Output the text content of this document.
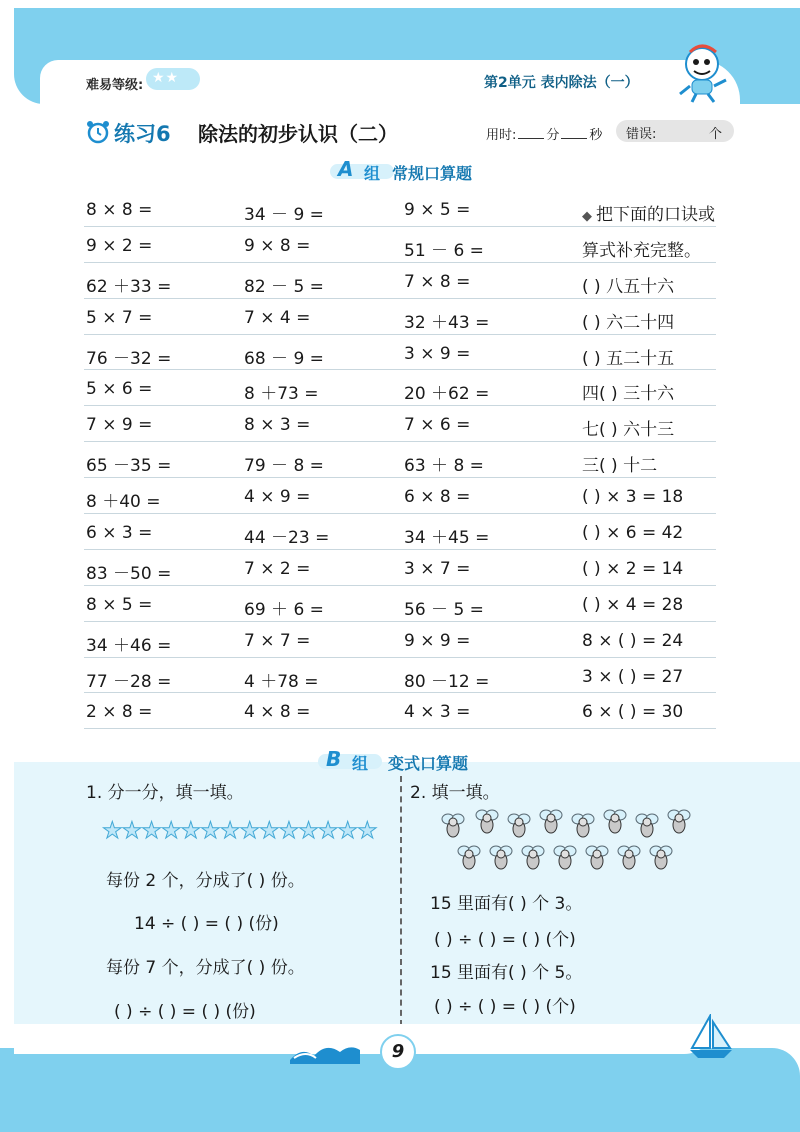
难易等级: ★★	第2单元 表内除法（一）
练习6 除法的初步认识（二）	用时: 分 秒	错误:	个
A 组 常规口算题
8 × 8 =	34 － 9 =	9 × 5 =	◆ 把下面的口诀或
9 × 2 =	9 × 8 =	51 － 6 =	算式补充完整。
62 ＋33 =	82 － 5 =	7 × 8 =	( ) 八五十六
5 × 7 =	7 × 4 =	32 ＋43 =	( ) 六二十四
76 －32 =	68 － 9 =	3 × 9 =	( ) 五二十五
5 × 6 =	8 ＋73 =	20 ＋62 =	四( ) 三十六
7 × 9 =	8 × 3 =	7 × 6 =	七( ) 六十三
65 －35 =	79 － 8 =	63 ＋ 8 =	三( ) 十二
8 ＋40 =	4 × 9 =	6 × 8 =	( ) × 3 = 18
6 × 3 =	44 －23 =	34 ＋45 =	( ) × 6 = 42
83 －50 =	7 × 2 =	3 × 7 =	( ) × 2 = 14
8 × 5 =	69 ＋ 6 =	56 － 5 =	( ) × 4 = 28
34 ＋46 =	7 × 7 =	9 × 9 =	8 × ( ) = 24
77 －28 =	4 ＋78 =	80 －12 =	3 × ( ) = 27
2 × 8 =	4 × 8 =	4 × 3 =	6 × ( ) = 30
B 组 变式口算题
1. 分一分，填一填。
★★★★★★★★★★★★★★
每份 2 个，分成了( ) 份。
14 ÷ ( ) = ( ) (份)
每份 7 个，分成了( ) 份。
( ) ÷ ( ) = ( ) (份)
2. 填一填。
15 里面有( ) 个 3。
( ) ÷ ( ) = ( ) (个)
15 里面有( ) 个 5。
( ) ÷ ( ) = ( ) (个)
9
